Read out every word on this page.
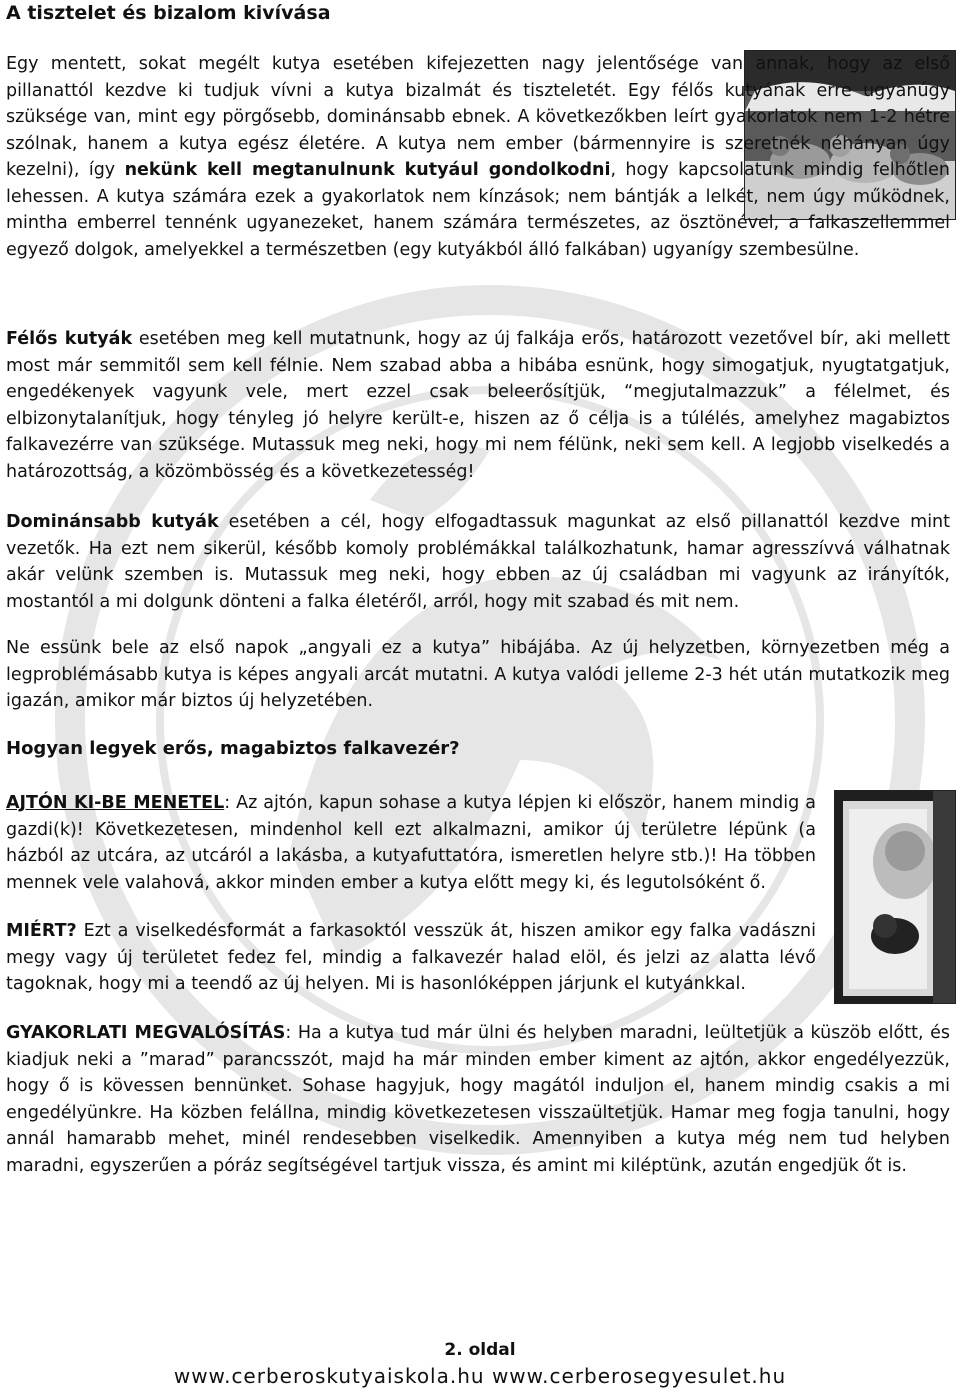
A tisztelet és bizalom kivívása

Egy mentett, sokat megélt kutya esetében kifejezetten nagy jelentősége van annak, hogy az első pillanattól kezdve ki tudjuk vívni a kutya bizalmát és tiszteletét. Egy félős kutyának erre ugyanúgy szüksége van, mint egy pörgősebb, dominánsabb ebnek. A következőkben leírt gyakorlatok nem 1-2 hétre szólnak, hanem a kutya egész életére. A kutya nem ember (bármennyire is szeretnék néhányan úgy kezelni), így nekünk kell megtanulnunk kutyául gondolkodni, hogy kapcsolatunk mindig felhőtlen lehessen. A kutya számára ezek a gyakorlatok nem kínzások; nem bántják a lelkét, nem úgy működnek, mintha emberrel tennénk ugyanezeket, hanem számára természetes, az ösztönével, a falkaszellemmel egyező dolgok, amelyekkel a természetben (egy kutyákból álló falkában) ugyanígy szembesülne.

Félős kutyák esetében meg kell mutatnunk, hogy az új falkája erős, határozott vezetővel bír, aki mellett most már semmitől sem kell félnie. Nem szabad abba a hibába esnünk, hogy simogatjuk, nyugtatgatjuk, engedékenyek vagyunk vele, mert ezzel csak beleerősítjük, “megjutalmazzuk” a félelmet, és elbizonytalanítjuk, hogy tényleg jó helyre került-e, hiszen az ő célja is a túlélés, amelyhez magabiztos falkavezérre van szüksége. Mutassuk meg neki, hogy mi nem félünk, neki sem kell. A legjobb viselkedés a határozottság, a közömbösség és a következetesség!

Dominánsabb kutyák esetében a cél, hogy elfogadtassuk magunkat az első pillanattól kezdve mint vezetők. Ha ezt nem sikerül, később komoly problémákkal találkozhatunk, hamar agresszívvá válhatnak akár velünk szemben is. Mutassuk meg neki, hogy ebben az új családban mi vagyunk az irányítók, mostantól a mi dolgunk dönteni a falka életéről, arról, hogy mit szabad és mit nem.

Ne essünk bele az első napok „angyali ez a kutya” hibájába. Az új helyzetben, környezetben még a legproblémásabb kutya is képes angyali arcát mutatni. A kutya valódi jelleme 2-3 hét után mutatkozik meg igazán, amikor már biztos új helyzetében.

Hogyan legyek erős, magabiztos falkavezér?

AJTÓN KI-BE MENETEL: Az ajtón, kapun sohase a kutya lépjen ki először, hanem mindig a gazdi(k)! Következetesen, mindenhol kell ezt alkalmazni, amikor új területre lépünk (a házból az utcára, az utcáról a lakásba, a kutyafuttatóra, ismeretlen helyre stb.)! Ha többen mennek vele valahová, akkor minden ember a kutya előtt megy ki, és legutolsóként ő.

MIÉRT? Ezt a viselkedésformát a farkasoktól vesszük át, hiszen amikor egy falka vadászni megy vagy új területet fedez fel, mindig a falkavezér halad elöl, és jelzi az alatta lévő tagoknak, hogy mi a teendő az új helyen. Mi is hasonlóképpen járjunk el kutyánkkal.

GYAKORLATI MEGVALÓSÍTÁS: Ha a kutya tud már ülni és helyben maradni, leültetjük a küszöb előtt, és kiadjuk neki a ”marad” parancsszót, majd ha már minden ember kiment az ajtón, akkor engedélyezzük, hogy ő is kövessen bennünket. Sohase hagyjuk, hogy magától induljon el, hanem mindig csakis a mi engedélyünkre. Ha közben felállna, mindig következetesen visszaültetjük. Hamar meg fogja tanulni, hogy annál hamarabb mehet, minél rendesebben viselkedik. Amennyiben a kutya még nem tud helyben maradni, egyszerűen a póráz segítségével tartjuk vissza, és amint mi kiléptünk, azután engedjük őt is.

2. oldal
www.cerberoskutyaiskola.hu www.cerberosegyesulet.hu
